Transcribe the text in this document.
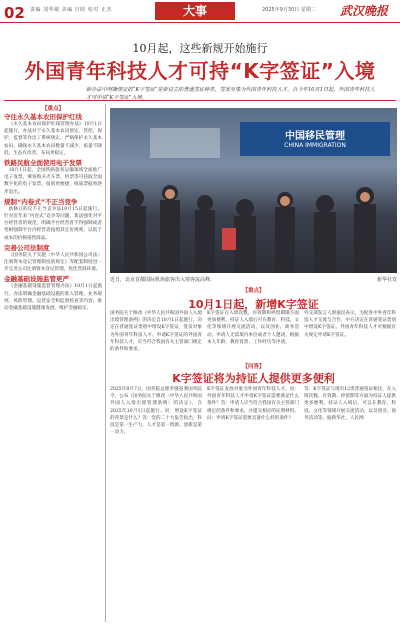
02 责编 刘华敏 美编 日晗 校对 正杰	大事	2025年9月30日 星期二 武汉晚报
10月起，这些新规开始施行
外国青年科技人才可持“K字签证”入境
新办法中明确规定的“K字签证”是新设立的普通签证种类，签发对象为外国青年科技人才。自今年10月1日起，外国青年科技人才可申请“K字签证”入境。
【重点】
守住永久基本农田保护红线

《永久基本农田保护红线管理办法》10月1日起施行。办法对于永久基本农田划定、管控、保护、监督等作出了系统规定，严格保护永久基本农田，确保永久基本农田数量不减少、质量不降低、生态有改善、布局更稳定。

铁路民航全面使用电子发票

10月1日起，全国铁路旅客运输领域全面推广电子发票。乘客购买火车票、机票等可获取全面数字化的电子发票，报销更便捷，纸质票据将逐步退出。

规制“内卷式”不正当竞争

新修订的反不正当竞争法10月15日起施行。针对近年来“内卷式”竞争等问题，新法强化对平台经营者的规范，明确平台经营者不得强制或者变相强制平台内经营者按照其定价规则，以低于成本的价格销售商品。

完善公司法制度

《国务院关于实施〈中华人民共和国公司法〉注册资本登记管理制度的规定》等配套制度进一步完善公司注册资本登记管理，优化营商环境。

金融基础设施监管更严

《金融基础设施监督管理办法》10月1日起施行。办法明确金融基础设施的准入管理、业务规则、风险管理、运营安全和监督检查等内容，推动金融基础设施健康发展，维护金融稳定。

中国移民管理
CHINA IMMIGRATION
近日，北京首都国际机场旅客出入境客流高峰。	新华社发
【重点】
10月1日起，新增K字签证
国务院关于修改《中华人民共和国外国人入境出境管理条例》的决定自10月1日起施行。决定在普通签证类别中增设K字签证，签发对象为外国青年科技人才。申请K字签证的外国青年科技人才，应当符合我国有关主管部门规定的条件和要求。
K字签证在入境次数、有效期和停留期限方面更加便利，持证人入境后可在教育、科技、文化等领域开展交流活动，以及创业、商务活动。申请人无需境内单位或者个人邀请，根据本人年龄、教育背景、工作经历等申请。
外交部发言人郭嘉昆表示，为促进中外青年科技人才交流与合作，中方决定在普通签证类别中增设K字签证。外国青年科技人才可根据有关规定申请K字签证。
【问答】
K字签证将为持证人提供更多便利
2025年8月7日，国务院总理李强签署国务院令，公布《国务院关于修改〈中华人民共和国外国人入境出境管理条例〉的决定》，自2025年10月1日起施行。问：增设K字签证的背景是什么？答：党的二十大报告指出，科技是第一生产力、人才是第一资源、创新是第一动力。
K字签证发放对象为外国青年科技人才。问：外国青年科技人才申请K字签证需要满足什么条件？答：申请人应当符合我国有关主管部门规定的条件和要求，并提交相应的证明材料。问：申请K字签证需要具备什么样的条件？
答：K字签证与现有12类普通签证相比，在入境次数、有效期、停留期等方面为持证人提供更多便利。持证人入境后，可以在教育、科技、文化等领域开展交流活动，以及创业、商务活动等。据新华社、人民网
